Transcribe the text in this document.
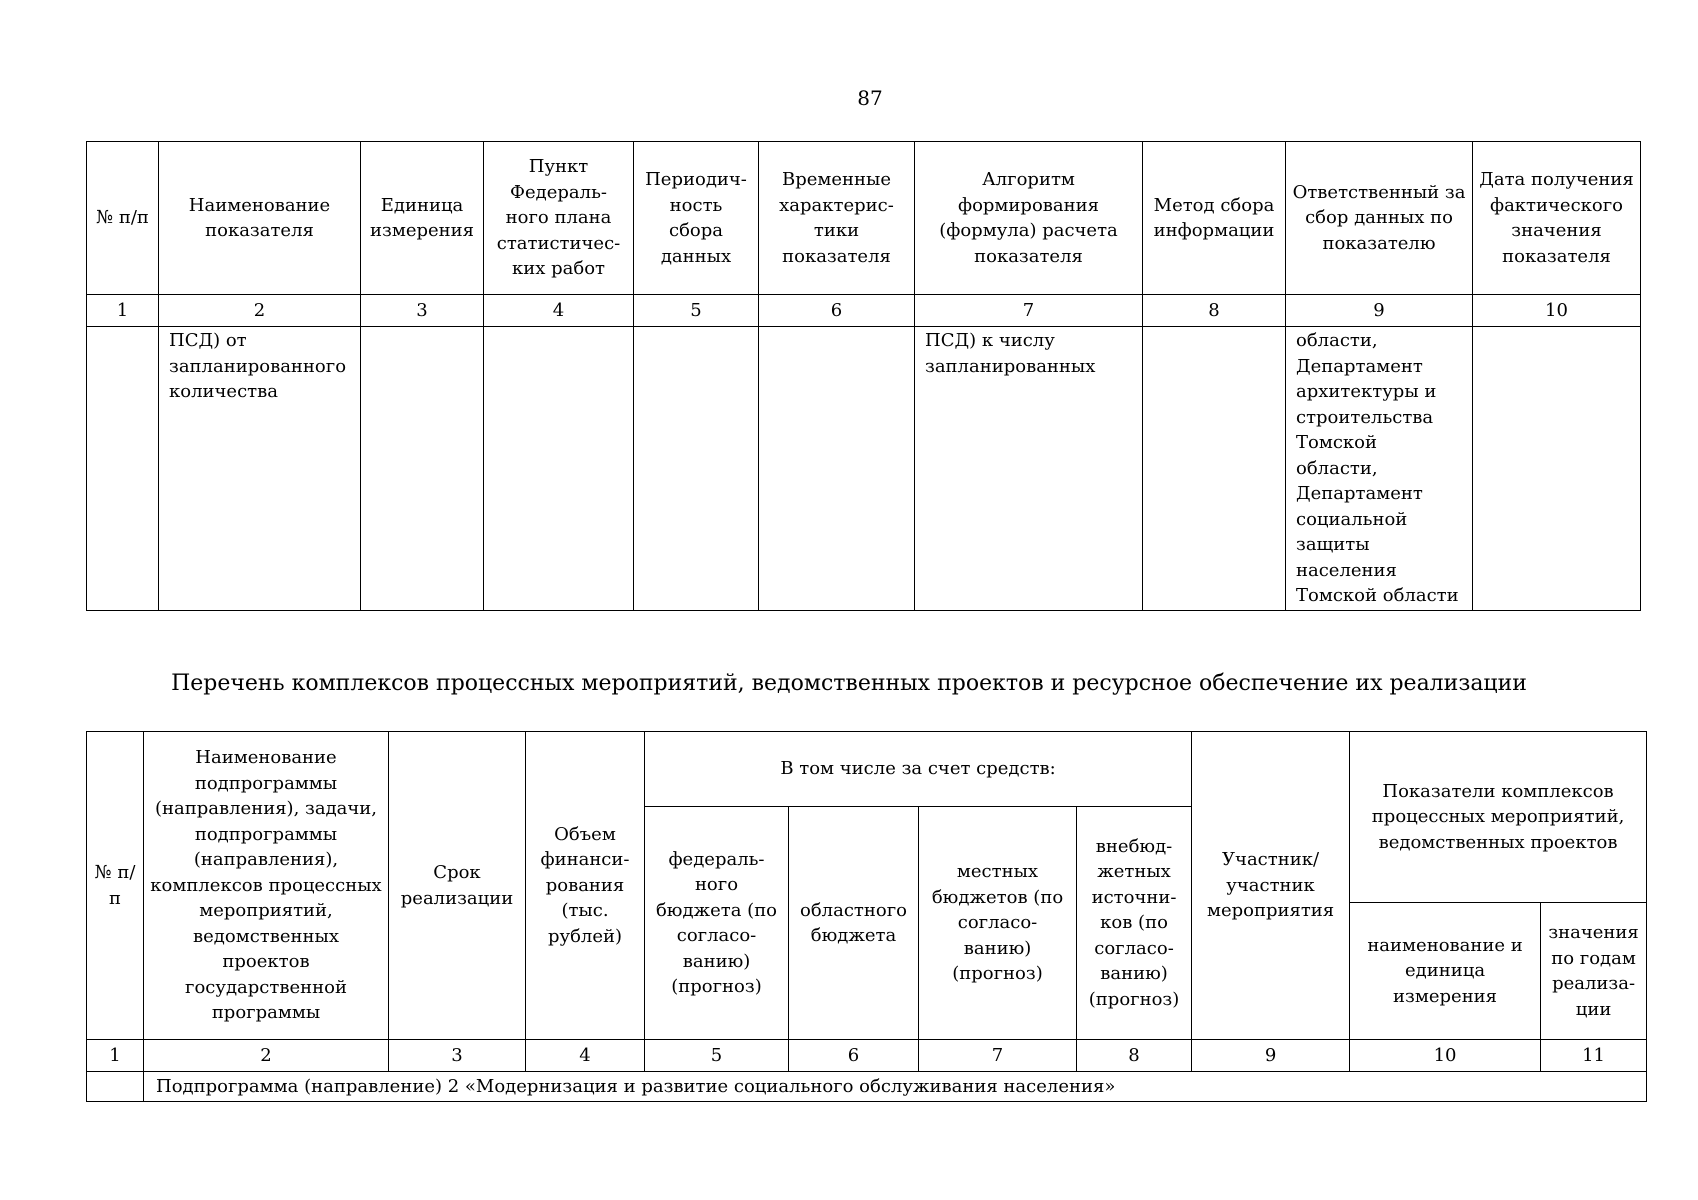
87
№ п/п	Наименование показателя	Единица измерения	Пункт Федераль-ного плана статистичес-ких работ	Периодич-ность сбора данных	Временные характерис-тики показателя	Алгоритм формирования (формула) расчета показателя	Метод сбора информации	Ответственный за сбор данных по показателю	Дата получения фактического значения показателя
1	2	3	4	5	6	7	8	9	10
	ПСД) от запланированного количества					ПСД) к числу запланированных		области, Департамент архитектуры и строительства Томской области, Департамент социальной защиты населения Томской области	
Перечень комплексов процессных мероприятий, ведомственных проектов и ресурсное обеспечение их реализации
№ п/п	Наименование подпрограммы (направления), задачи, подпрограммы (направления), комплексов процессных мероприятий, ведомственных проектов государственной программы	Срок реализации	Объем финанси-рования (тыс. рублей)	В том числе за счет средств:				Участник/ участник мероприятия	Показатели комплексов процессных мероприятий, ведомственных проектов	
				федераль-ного бюджета (по согласо-ванию) (прогноз)	областного бюджета	местных бюджетов (по согласо-ванию) (прогноз)	внебюд-жетных источни-ков (по согласо-ванию) (прогноз)			
									наименование и единица измерения	значения по годам реализа-ции
1	2	3	4	5	6	7	8	9	10	11
	Подпрограмма (направление) 2 «Модернизация и развитие социального обслуживания населения»									
